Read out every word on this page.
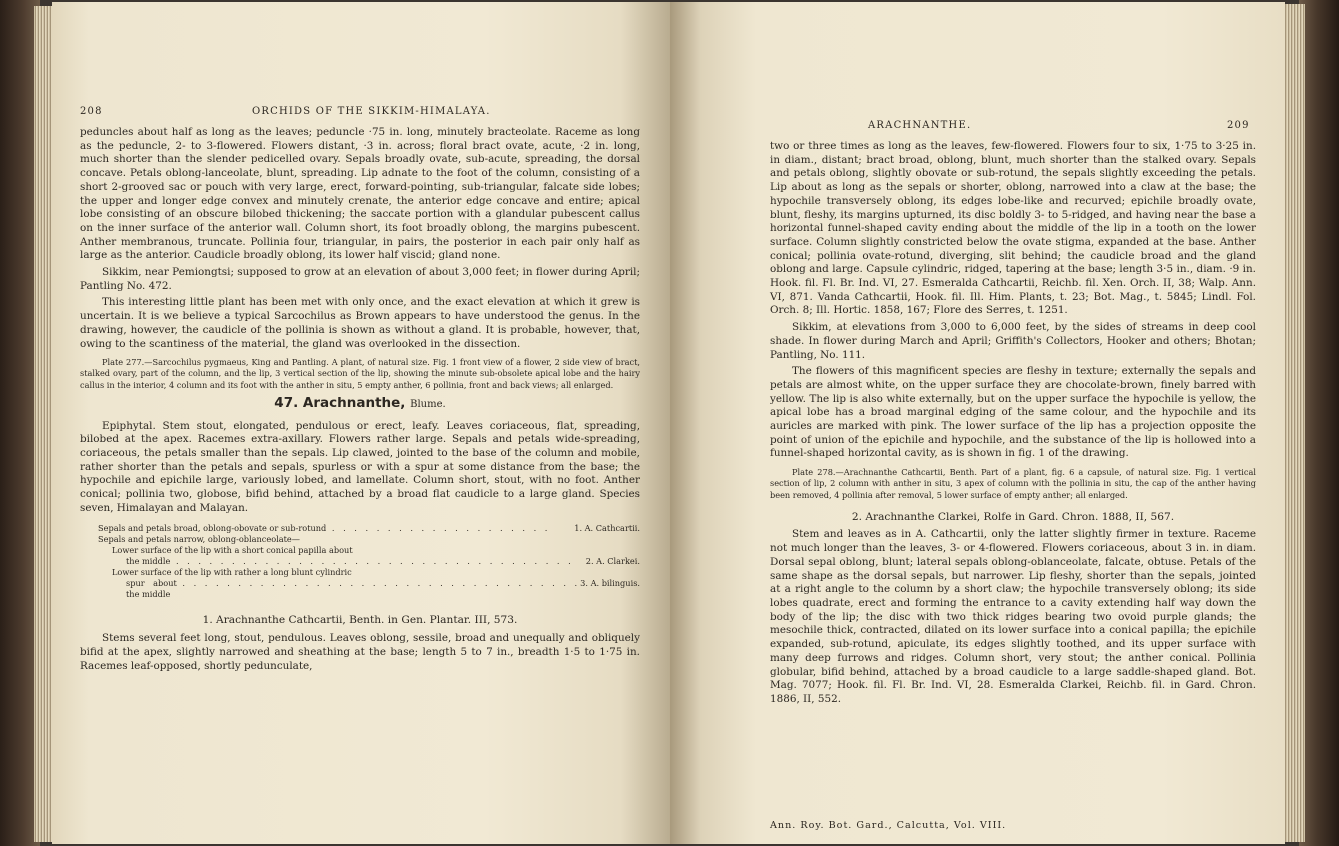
208	ORCHIDS OF THE SIKKIM-HIMALAYA.

peduncles about half as long as the leaves; peduncle ·75 in. long, minutely bracteolate. Raceme as long as the peduncle, 2- to 3-flowered. Flowers distant, ·3 in. across; floral bract ovate, acute, ·2 in. long, much shorter than the slender pedicelled ovary. Sepals broadly ovate, sub-acute, spreading, the dorsal concave. Petals oblong-lanceolate, blunt, spreading. Lip adnate to the foot of the column, consisting of a short 2-grooved sac or pouch with very large, erect, forward-pointing, sub-triangular, falcate side lobes; the upper and longer edge convex and minutely crenate, the anterior edge concave and entire; apical lobe consisting of an obscure bilobed thickening; the saccate portion with a glandular pubescent callus on the inner surface of the anterior wall. Column short, its foot broadly oblong, the margins pubescent. Anther membranous, truncate. Pollinia four, triangular, in pairs, the posterior in each pair only half as large as the anterior. Caudicle broadly oblong, its lower half viscid; gland none.

Sikkim, near Pemiongtsi; supposed to grow at an elevation of about 3,000 feet; in flower during April; Pantling No. 472.

This interesting little plant has been met with only once, and the exact elevation at which it grew is uncertain. It is we believe a typical Sarcochilus as Brown appears to have understood the genus. In the drawing, however, the caudicle of the pollinia is shown as without a gland. It is probable, however, that, owing to the scantiness of the material, the gland was overlooked in the dissection.

Plate 277.—Sarcochilus pygmaeus, King and Pantling. A plant, of natural size. Fig. 1 front view of a flower, 2 side view of bract, stalked ovary, part of the column, and the lip, 3 vertical section of the lip, showing the minute sub-obsolete apical lobe and the hairy callus in the interior, 4 column and its foot with the anther in situ, 5 empty anther, 6 pollinia, front and back views; all enlarged.

47. Arachnanthe, Blume.

Epiphytal. Stem stout, elongated, pendulous or erect, leafy. Leaves coriaceous, flat, spreading, bilobed at the apex. Racemes extra-axillary. Flowers rather large. Sepals and petals wide-spreading, coriaceous, the petals smaller than the sepals. Lip clawed, jointed to the base of the column and mobile, rather shorter than the petals and sepals, spurless or with a spur at some distance from the base; the hypochile and epichile large, variously lobed, and lamellate. Column short, stout, with no foot. Anther conical; pollinia two, globose, bifid behind, attached by a broad flat caudicle to a large gland. Species seven, Himalayan and Malayan.

Sepals and petals broad, oblong-obovate or sub-rotund . . . . . . . . . . . . . . . . . . . .	1. A. Cathcartii.
Sepals and petals narrow, oblong-oblanceolate—
Lower surface of the lip with a short conical papilla about
the middle . . . . . . . . . . . . . . . . . . . . . . . . . . . . . . . . . . . .	2. A. Clarkei.
Lower surface of the lip with rather a long blunt cylindric
spur about the middle
. . . . . . . . . . . . . . . . . . . . . . . . . . . . . . . . . . . . 3. A. bilinguis.
1. Arachnanthe Cathcartii, Benth. in Gen. Plantar. III, 573.

Stems several feet long, stout, pendulous. Leaves oblong, sessile, broad and unequally and obliquely bifid at the apex, slightly narrowed and sheathing at the base; length 5 to 7 in., breadth 1·5 to 1·75 in. Racemes leaf-opposed, shortly pedunculate,

ARACHNANTHE.	209

two or three times as long as the leaves, few-flowered. Flowers four to six, 1·75 to 3·25 in. in diam., distant; bract broad, oblong, blunt, much shorter than the stalked ovary. Sepals and petals oblong, slightly obovate or sub-rotund, the sepals slightly exceeding the petals. Lip about as long as the sepals or shorter, oblong, narrowed into a claw at the base; the hypochile transversely oblong, its edges lobe-like and recurved; epichile broadly ovate, blunt, fleshy, its margins upturned, its disc boldly 3- to 5-ridged, and having near the base a horizontal funnel-shaped cavity ending about the middle of the lip in a tooth on the lower surface. Column slightly constricted below the ovate stigma, expanded at the base. Anther conical; pollinia ovate-rotund, diverging, slit behind; the caudicle broad and the gland oblong and large. Capsule cylindric, ridged, tapering at the base; length 3·5 in., diam. ·9 in. Hook. fil. Fl. Br. Ind. VI, 27. Esmeralda Cathcartii, Reichb. fil. Xen. Orch. II, 38; Walp. Ann. VI, 871. Vanda Cathcartii, Hook. fil. Ill. Him. Plants, t. 23; Bot. Mag., t. 5845; Lindl. Fol. Orch. 8; Ill. Hortic. 1858, 167; Flore des Serres, t. 1251.

Sikkim, at elevations from 3,000 to 6,000 feet, by the sides of streams in deep cool shade. In flower during March and April; Griffith's Collectors, Hooker and others; Bhotan; Pantling, No. 111.

The flowers of this magnificent species are fleshy in texture; externally the sepals and petals are almost white, on the upper surface they are chocolate-brown, finely barred with yellow. The lip is also white externally, but on the upper surface the hypochile is yellow, the apical lobe has a broad marginal edging of the same colour, and the hypochile and its auricles are marked with pink. The lower surface of the lip has a projection opposite the point of union of the epichile and hypochile, and the substance of the lip is hollowed into a funnel-shaped horizontal cavity, as is shown in fig. 1 of the drawing.

Plate 278.—Arachnanthe Cathcartii, Benth. Part of a plant, fig. 6 a capsule, of natural size. Fig. 1 vertical section of lip, 2 column with anther in situ, 3 apex of column with the pollinia in situ, the cap of the anther having been removed, 4 pollinia after removal, 5 lower surface of empty anther; all enlarged.

2. Arachnanthe Clarkei, Rolfe in Gard. Chron. 1888, II, 567.

Stem and leaves as in A. Cathcartii, only the latter slightly firmer in texture. Raceme not much longer than the leaves, 3- or 4-flowered. Flowers coriaceous, about 3 in. in diam. Dorsal sepal oblong, blunt; lateral sepals oblong-oblanceolate, falcate, obtuse. Petals of the same shape as the dorsal sepals, but narrower. Lip fleshy, shorter than the sepals, jointed at a right angle to the column by a short claw; the hypochile transversely oblong; its side lobes quadrate, erect and forming the entrance to a cavity extending half way down the body of the lip; the disc with two thick ridges bearing two ovoid purple glands; the mesochile thick, contracted, dilated on its lower surface into a conical papilla; the epichile expanded, sub-rotund, apiculate, its edges slightly toothed, and its upper surface with many deep furrows and ridges. Column short, very stout; the anther conical. Pollinia globular, bifid behind, attached by a broad caudicle to a large saddle-shaped gland. Bot. Mag. 7077; Hook. fil. Fl. Br. Ind. VI, 28. Esmeralda Clarkei, Reichb. fil. in Gard. Chron. 1886, II, 552.

Ann. Roy. Bot. Gard., Calcutta, Vol. VIII.
